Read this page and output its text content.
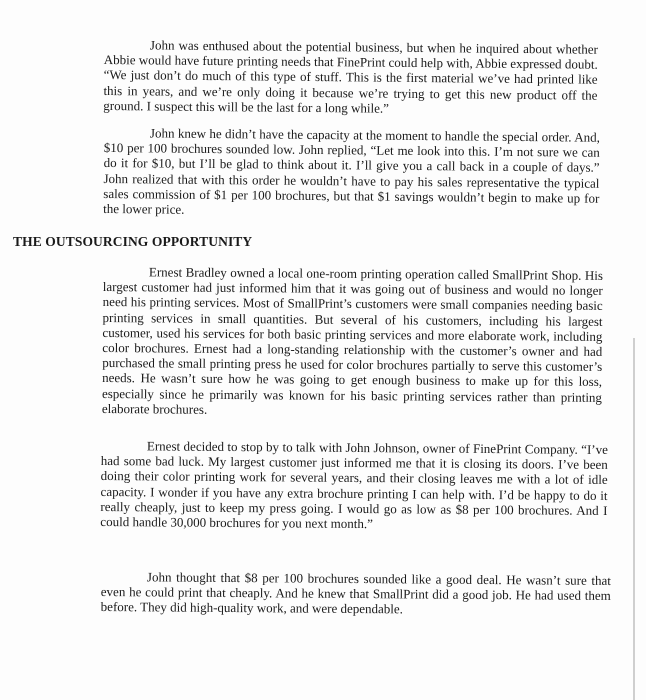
John was enthused about the potential business, but when he inquired about whether Abbie would have future printing needs that FinePrint could help with, Abbie expressed doubt. “We just don’t do much of this type of stuff. This is the first material we’ve had printed like this in years, and we’re only doing it because we’re trying to get this new product off the ground. I suspect this will be the last for a long while.”

John knew he didn’t have the capacity at the moment to handle the special order. And, $10 per 100 brochures sounded low. John replied, “Let me look into this. I’m not sure we can do it for $10, but I’ll be glad to think about it. I’ll give you a call back in a couple of days.” John realized that with this order he wouldn’t have to pay his sales representative the typical sales commission of $1 per 100 brochures, but that $1 savings wouldn’t begin to make up for the lower price.

THE OUTSOURCING OPPORTUNITY

Ernest Bradley owned a local one-room printing operation called SmallPrint Shop. His largest customer had just informed him that it was going out of business and would no longer need his printing services. Most of SmallPrint’s customers were small companies needing basic printing services in small quantities. But several of his customers, including his largest customer, used his services for both basic printing services and more elaborate work, including color brochures. Ernest had a long-standing relationship with the customer’s owner and had purchased the small printing press he used for color brochures partially to serve this customer’s needs. He wasn’t sure how he was going to get enough business to make up for this loss, especially since he primarily was known for his basic printing services rather than printing elaborate brochures.

Ernest decided to stop by to talk with John Johnson, owner of FinePrint Company. “I’ve had some bad luck. My largest customer just informed me that it is closing its doors. I’ve been doing their color printing work for several years, and their closing leaves me with a lot of idle capacity. I wonder if you have any extra brochure printing I can help with. I’d be happy to do it really cheaply, just to keep my press going. I would go as low as $8 per 100 brochures. And I could handle 30,000 brochures for you next month.”

John thought that $8 per 100 brochures sounded like a good deal. He wasn’t sure that even he could print that cheaply. And he knew that SmallPrint did a good job. He had used them before. They did high-quality work, and were dependable.
